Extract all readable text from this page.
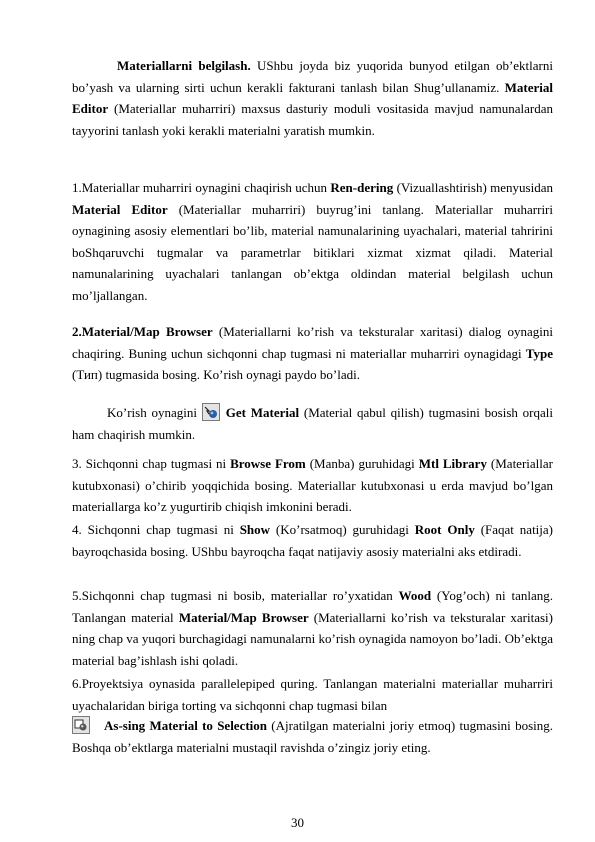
Materiallarni belgilash. UShbu joyda biz yuqorida bunyod etilgan ob’ektlarni bo’yash va ularning sirti uchun kerakli fakturani tanlash bilan Shug’ullanamiz. Material Editor (Materiallar muharriri) maxsus dasturiy moduli vositasida mavjud namunalardan tayyorini tanlash yoki kerakli materialni yaratish mumkin.

1.Materiallar muharriri oynagini chaqirish uchun Ren-dering (Vizuallashtirish) menyusidan Material Editor (Materiallar muharriri) buyrug’ini tanlang. Materiallar muharriri oynagining asosiy elementlari bo’lib, material namunalarining uyachalari, material tahririni boShqaruvchi tugmalar va parametrlar bitiklari xizmat xizmat qiladi. Material namunalarining uyachalari tanlangan ob’ektga oldindan material belgilash uchun mo’ljallangan.

2.Material/Map Browser (Materiallarni ko’rish va teksturalar xaritasi) dialog oynagini chaqiring. Buning uchun sichqonni chap tugmasi ni materiallar muharriri oynagidagi Type (Тип) tugmasida bosing. Ko’rish oynagi paydo bo’ladi.

Ko’rish oynagini
Get Material (Material qabul qilish) tugmasini bosish orqali ham chaqirish mumkin.

3. Sichqonni chap tugmasi ni Browse From (Manba) guruhidagi Mtl Library (Materiallar kutubxonasi) o’chirib yoqqichida bosing. Materiallar kutubxonasi u erda mavjud bo’lgan materiallarga ko’z yugurtirib chiqish imkonini beradi.

4. Sichqonni chap tugmasi ni Show (Ko’rsatmoq) guruhidagi Root Only (Faqat natija) bayroqchasida bosing. UShbu bayroqcha faqat natijaviy asosiy materialni aks etdiradi.

5.Sichqonni chap tugmasi ni bosib, materiallar ro’yxatidan Wood (Yog’och) ni tanlang. Tanlangan material Material/Map Browser (Materiallarni ko’rish va teksturalar xaritasi) ning chap va yuqori burchagidagi namunalarni ko’rish oynagida namoyon bo’ladi. Ob’ektga material bag’ishlash ishi qoladi.

6.Proyektsiya oynasida parallelepiped quring. Tanlangan materialni materiallar muharriri uyachalaridan biriga torting va sichqonni chap tugmasi bilan

As-sing Material to Selection (Ajratilgan materialni joriy etmoq) tugmasini bosing. Boshqa ob’ektlarga materialni mustaqil ravishda o’zingiz joriy eting.

30
